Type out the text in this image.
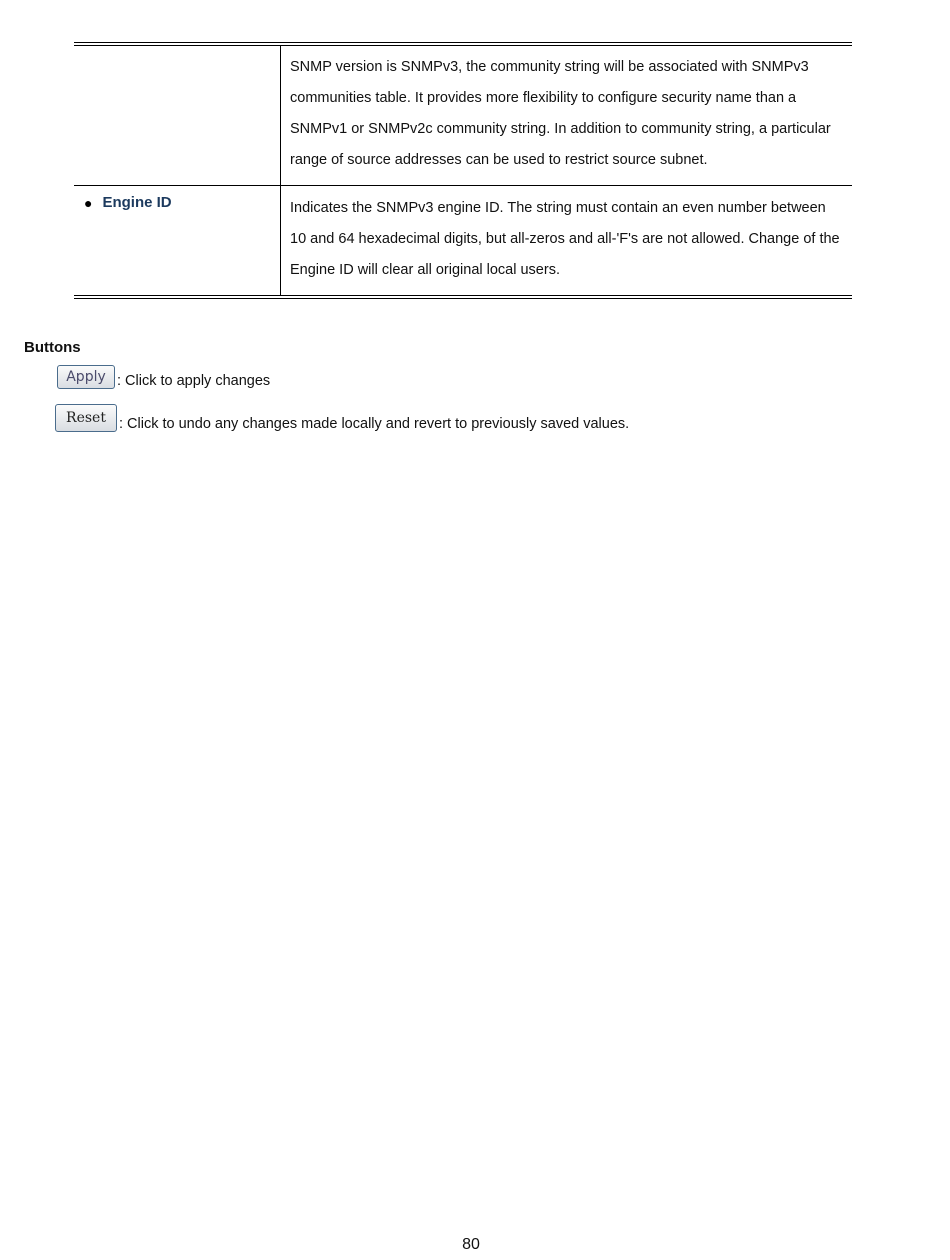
SNMP version is SNMPv3, the community string will be associated with SNMPv3 communities table. It provides more flexibility to configure security name than a SNMPv1 or SNMPv2c community string. In addition to community string, a particular range of source addresses can be used to restrict source subnet.
● Engine ID	Indicates the SNMPv3 engine ID. The string must contain an even number between 10 and 64 hexadecimal digits, but all-zeros and all-'F's are not allowed. Change of the Engine ID will clear all original local users.
Buttons
Apply : Click to apply changes
Reset : Click to undo any changes made locally and revert to previously saved values.
80
